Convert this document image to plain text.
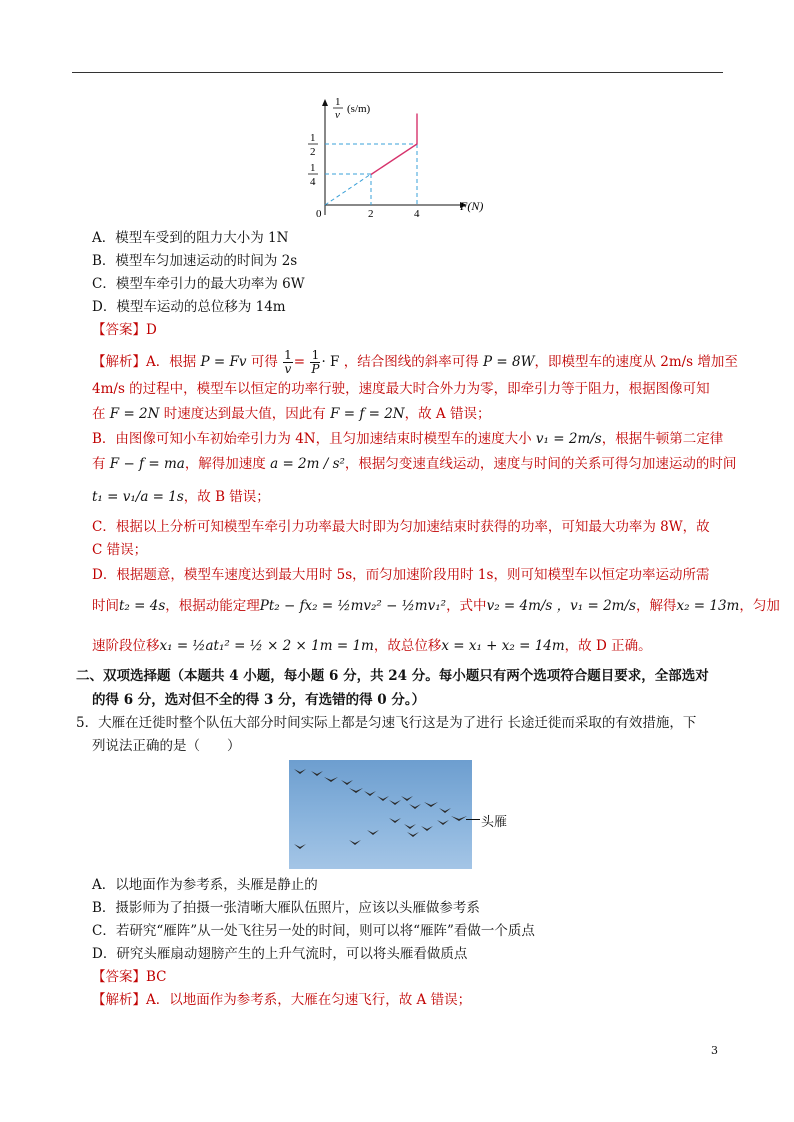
1
v (s/m)
1
2
1
4
0	2	4
F(N)
A．模型车受到的阻力大小为 1N
B．模型车匀加速运动的时间为 2s
C．模型车牵引力的最大功率为 6W
D．模型车运动的总位移为 14m
【答案】D
【解析】A．根据 P = Fv 可得 $\frac{1}{v} = \frac{1}{P} \cdot F$ ，结合图线的斜率可得 P = 8W，即模型车的速度从 2m/s 增加至
4m/s 的过程中，模型车以恒定的功率行驶，速度最大时合外力为零，即牵引力等于阻力，根据图像可知
在 F = 2N 时速度达到最大值，因此有 F = f = 2N，故 A 错误；
B．由图像可知小车初始牵引力为 4N，且匀加速结束时模型车的速度大小 v₁ = 2m/s，根据牛顿第二定律
有 F − f = ma，解得加速度 a = 2m / s²，根据匀变速直线运动，速度与时间的关系可得匀加速运动的时间
t₁ = v₁/a = 1s，故 B 错误；
C．根据以上分析可知模型车牵引力功率最大时即为匀加速结束时获得的功率，可知最大功率为 8W，故
C 错误；
D．根据题意，模型车速度达到最大用时 5s，而匀加速阶段用时 1s，则可知模型车以恒定功率运动所需
时间t₂ = 4s，根据动能定理Pt₂ − fx₂ = ½mv₂² − ½mv₁²，式中v₂ = 4m/s ，v₁ = 2m/s，解得x₂ = 13m，匀加
速阶段位移x₁ = ½at₁² = ½ × 2 × 1m = 1m，故总位移x = x₁ + x₂ = 14m，故 D 正确。
二、双项选择题（本题共 4 小题，每小题 6 分，共 24 分。每小题只有两个选项符合题目要求，全部选对
的得 6 分，选对但不全的得 3 分，有选错的得 0 分。）
5．大雁在迁徙时整个队伍大部分时间实际上都是匀速飞行这是为了进行 长途迁徙而采取的有效措施，下
列说法正确的是（　　）
头雁
A．以地面作为参考系，头雁是静止的
B．摄影师为了拍摄一张清晰大雁队伍照片，应该以头雁做参考系
C．若研究“雁阵”从一处飞往另一处的时间，则可以将“雁阵”看做一个质点
D．研究头雁扇动翅膀产生的上升气流时，可以将头雁看做质点
【答案】BC
【解析】A．以地面作为参考系，大雁在匀速飞行，故 A 错误；
3
